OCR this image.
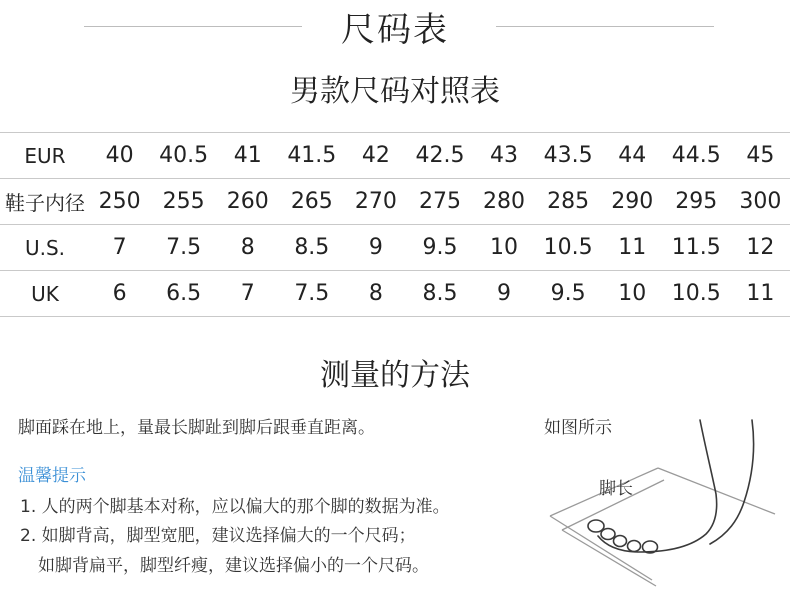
尺码表
男款尺码对照表
EUR	40	40.5	41	41.5	42	42.5	43	43.5	44	44.5	45
鞋子内径	250	255	260	265	270	275	280	285	290	295	300
U.S.	7	7.5	8	8.5	9	9.5	10	10.5	11	11.5	12
UK	6	6.5	7	7.5	8	8.5	9	9.5	10	10.5	11
测量的方法
脚面踩在地上，量最长脚趾到脚后跟垂直距离。	如图所示
温馨提示
1. 人的两个脚基本对称，应以偏大的那个脚的数据为准。
2. 如脚背高，脚型宽肥，建议选择偏大的一个尺码；
如脚背扁平，脚型纤瘦，建议选择偏小的一个尺码。
脚长
